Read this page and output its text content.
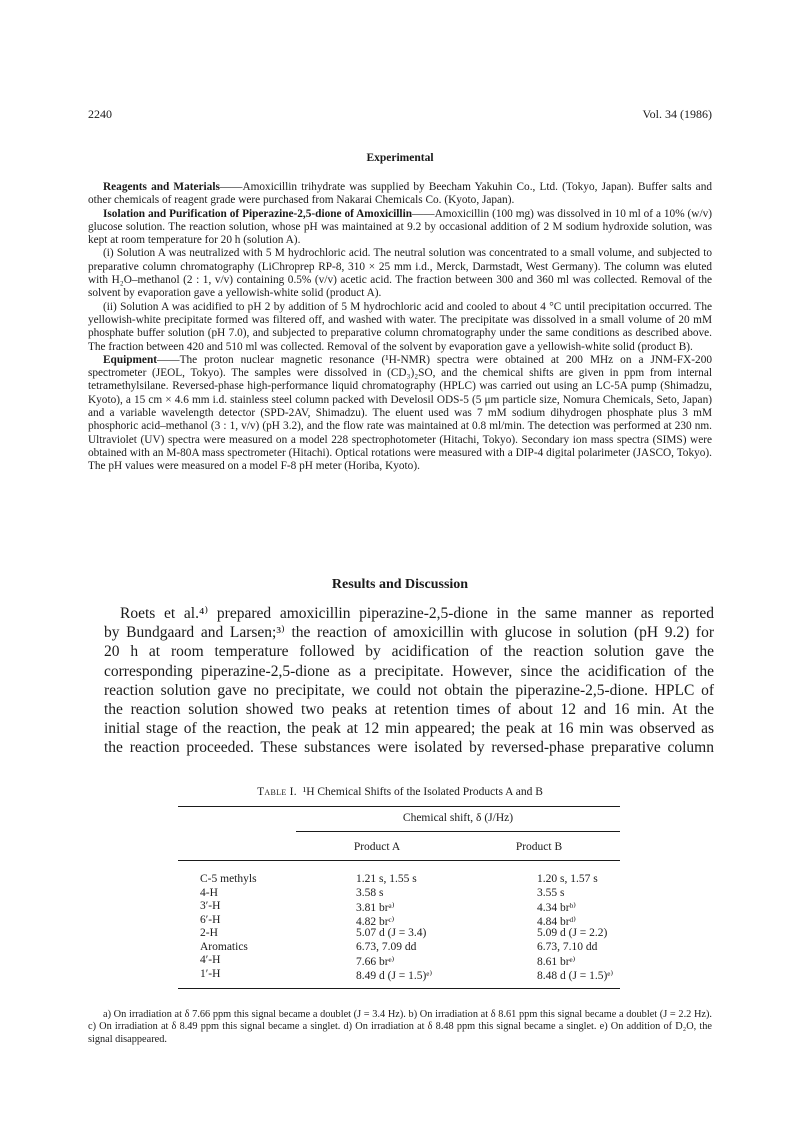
2240	Vol. 34 (1986)
Experimental

Reagents and Materials——Amoxicillin trihydrate was supplied by Beecham Yakuhin Co., Ltd. (Tokyo, Japan). Buffer salts and other chemicals of reagent grade were purchased from Nakarai Chemicals Co. (Kyoto, Japan).

Isolation and Purification of Piperazine-2,5-dione of Amoxicillin——Amoxicillin (100 mg) was dissolved in 10 ml of a 10% (w/v) glucose solution. The reaction solution, whose pH was maintained at 9.2 by occasional addition of 2 M sodium hydroxide solution, was kept at room temperature for 20 h (solution A).

(i) Solution A was neutralized with 5 M hydrochloric acid. The neutral solution was concentrated to a small volume, and subjected to preparative column chromatography (LiChroprep RP-8, 310 × 25 mm i.d., Merck, Darmstadt, West Germany). The column was eluted with H₂O–methanol (2 : 1, v/v) containing 0.5% (v/v) acetic acid. The fraction between 300 and 360 ml was collected. Removal of the solvent by evaporation gave a yellowish-white solid (product A).

(ii) Solution A was acidified to pH 2 by addition of 5 M hydrochloric acid and cooled to about 4 °C until precipitation occurred. The yellowish-white precipitate formed was filtered off, and washed with water. The precipitate was dissolved in a small volume of 20 mM phosphate buffer solution (pH 7.0), and subjected to preparative column chromatography under the same conditions as described above. The fraction between 420 and 510 ml was collected. Removal of the solvent by evaporation gave a yellowish-white solid (product B).

Equipment——The proton nuclear magnetic resonance (¹H-NMR) spectra were obtained at 200 MHz on a JNM-FX-200 spectrometer (JEOL, Tokyo). The samples were dissolved in (CD₃)₂SO, and the chemical shifts are given in ppm from internal tetramethylsilane. Reversed-phase high-performance liquid chromatography (HPLC) was carried out using an LC-5A pump (Shimadzu, Kyoto), a 15 cm × 4.6 mm i.d. stainless steel column packed with Develosil ODS-5 (5 μm particle size, Nomura Chemicals, Seto, Japan) and a variable wavelength detector (SPD-2AV, Shimadzu). The eluent used was 7 mM sodium dihydrogen phosphate plus 3 mM phosphoric acid–methanol (3 : 1, v/v) (pH 3.2), and the flow rate was maintained at 0.8 ml/min. The detection was performed at 230 nm. Ultraviolet (UV) spectra were measured on a model 228 spectrophotometer (Hitachi, Tokyo). Secondary ion mass spectra (SIMS) were obtained with an M-80A mass spectrometer (Hitachi). Optical rotations were measured with a DIP-4 digital polarimeter (JASCO, Tokyo). The pH values were measured on a model F-8 pH meter (Horiba, Kyoto).

Results and Discussion
Roets et al.⁴⁾ prepared amoxicillin piperazine-2,5-dione in the same manner as reported
by Bundgaard and Larsen;³⁾ the reaction of amoxicillin with glucose in solution (pH 9.2) for
20 h at room temperature followed by acidification of the reaction solution gave the
corresponding piperazine-2,5-dione as a precipitate. However, since the acidification of the
reaction solution gave no precipitate, we could not obtain the piperazine-2,5-dione. HPLC of
the reaction solution showed two peaks at retention times of about 12 and 16 min. At the
initial stage of the reaction, the peak at 12 min appeared; the peak at 16 min was observed as
the reaction proceeded. These substances were isolated by reversed-phase preparative column
Table I. ¹H Chemical Shifts of the Isolated Products A and B
Chemical shift, δ (J/Hz)
Product A	Product B
C-5 methyls	1.21 s, 1.55 s	1.20 s, 1.57 s
4-H	3.58 s	3.55 s
3′-H	3.81 brᵃ⁾	4.34 brᵇ⁾
6′-H	4.82 brᶜ⁾	4.84 brᵈ⁾
2-H	5.07 d (J = 3.4)	5.09 d (J = 2.2)
Aromatics	6.73, 7.09 dd	6.73, 7.10 dd
4′-H	7.66 brᵉ⁾	8.61 brᵉ⁾
1′-H	8.49 d (J = 1.5)ᵉ⁾	8.48 d (J = 1.5)ᵉ⁾

a) On irradiation at δ 7.66 ppm this signal became a doublet (J = 3.4 Hz). b) On irradiation at δ 8.61 ppm this signal became a doublet (J = 2.2 Hz). c) On irradiation at δ 8.49 ppm this signal became a singlet. d) On irradiation at δ 8.48 ppm this signal became a singlet. e) On addition of D₂O, the signal disappeared.
